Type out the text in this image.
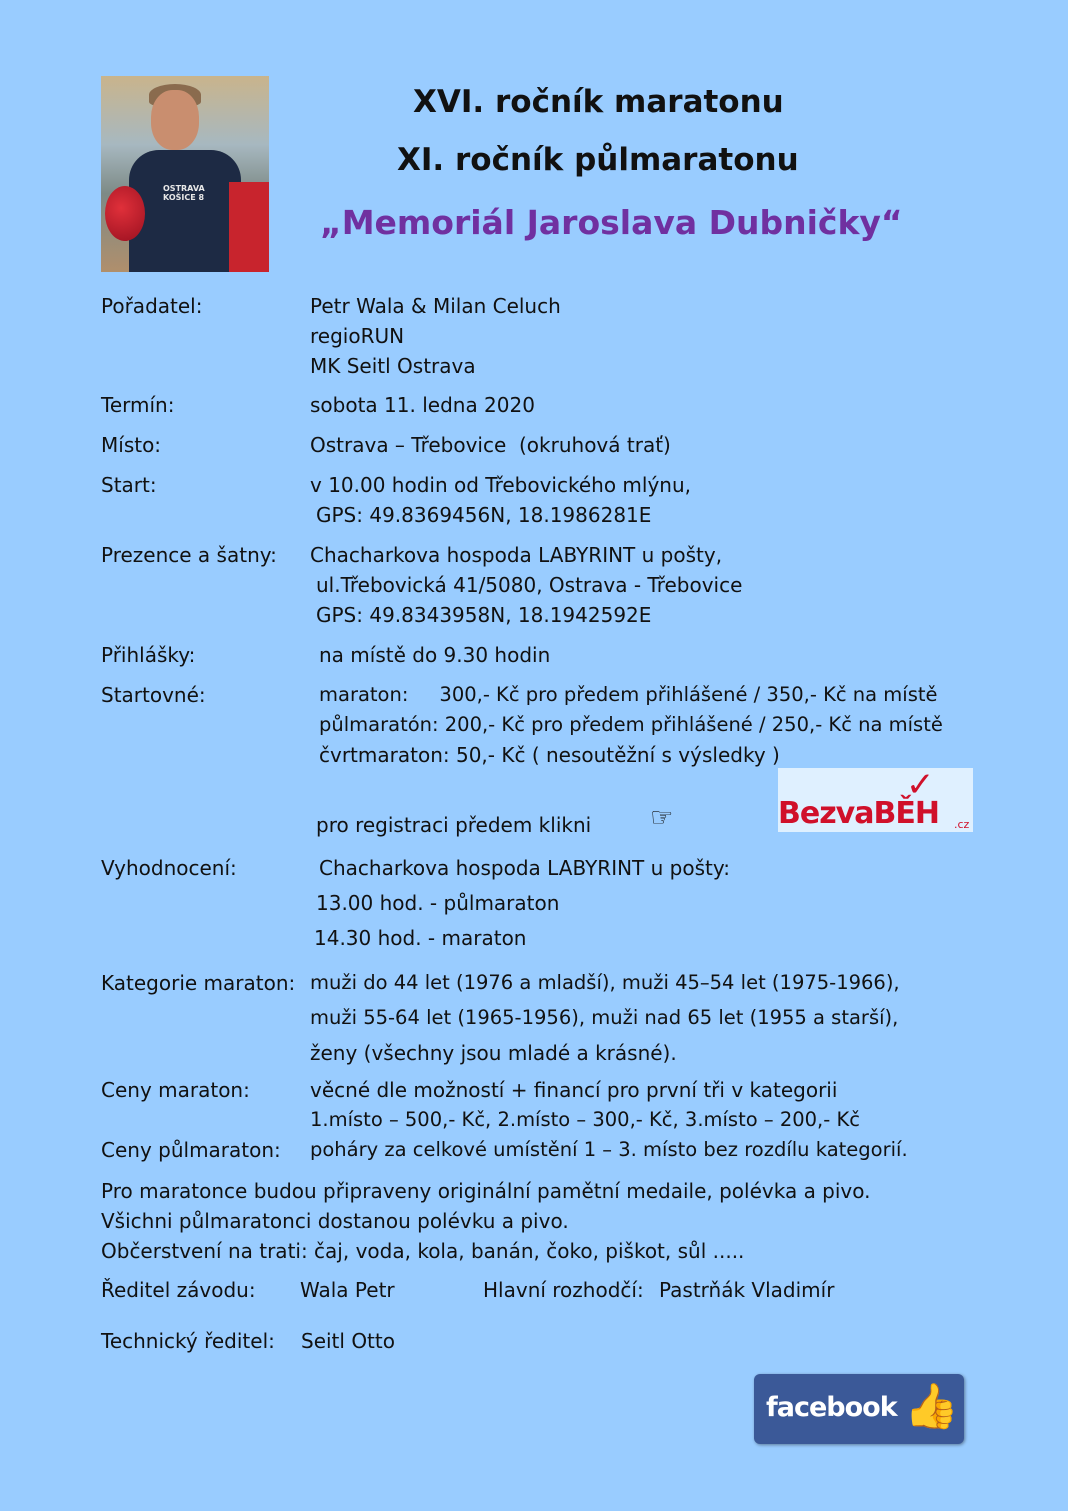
OSTRAVA KOŠICE 8
XVI. ročník maratonu
XI. ročník půlmaratonu
„Memoriál Jaroslava Dubničky“
Pořadatel:	Petr Wala & Milan Celuch
regioRUN
MK Seitl Ostrava
Termín:	sobota 11. ledna 2020
Místo:	Ostrava – Třebovice  (okruhová trať)
Start:	v 10.00 hodin od Třebovického mlýnu,
GPS: 49.8369456N, 18.1986281E
Prezence a šatny: Chacharkova hospoda LABYRINT u pošty,
ul.Třebovická 41/5080, Ostrava - Třebovice
GPS: 49.8343958N, 18.1942592E
Přihlášky:	na místě do 9.30 hodin
Startovné:	maraton:     300,- Kč pro předem přihlášené / 350,- Kč na místě
půlmaratón: 200,- Kč pro předem přihlášené / 250,- Kč na místě
čvrtmaraton: 50,- Kč ( nesoutěžní s výsledky )
pro registraci předem klikni ☞
✓
BezvaBĚH .cz
Vyhodnocení:	Chacharkova hospoda LABYRINT u pošty:
13.00 hod. - půlmaraton
14.30 hod. - maraton
Kategorie maraton: muži do 44 let (1976 a mladší), muži 45–54 let (1975-1966),
muži 55-64 let (1965-1956), muži nad 65 let (1955 a starší),
ženy (všechny jsou mladé a krásné).
Ceny maraton:	věcné dle možností + financí pro první tři v kategorii
1.místo – 500,- Kč, 2.místo – 300,- Kč, 3.místo – 200,- Kč
Ceny půlmaraton: poháry za celkové umístění 1 – 3. místo bez rozdílu kategorií.
Pro maratonce budou připraveny originální pamětní medaile, polévka a pivo.
Všichni půlmaratonci dostanou polévku a pivo.
Občerstvení na trati: čaj, voda, kola, banán, čoko, piškot, sůl .....
Ředitel závodu: Wala Petr	Hlavní rozhodčí: Pastrňák Vladimír
Technický ředitel: Seitl Otto
facebook 👍
